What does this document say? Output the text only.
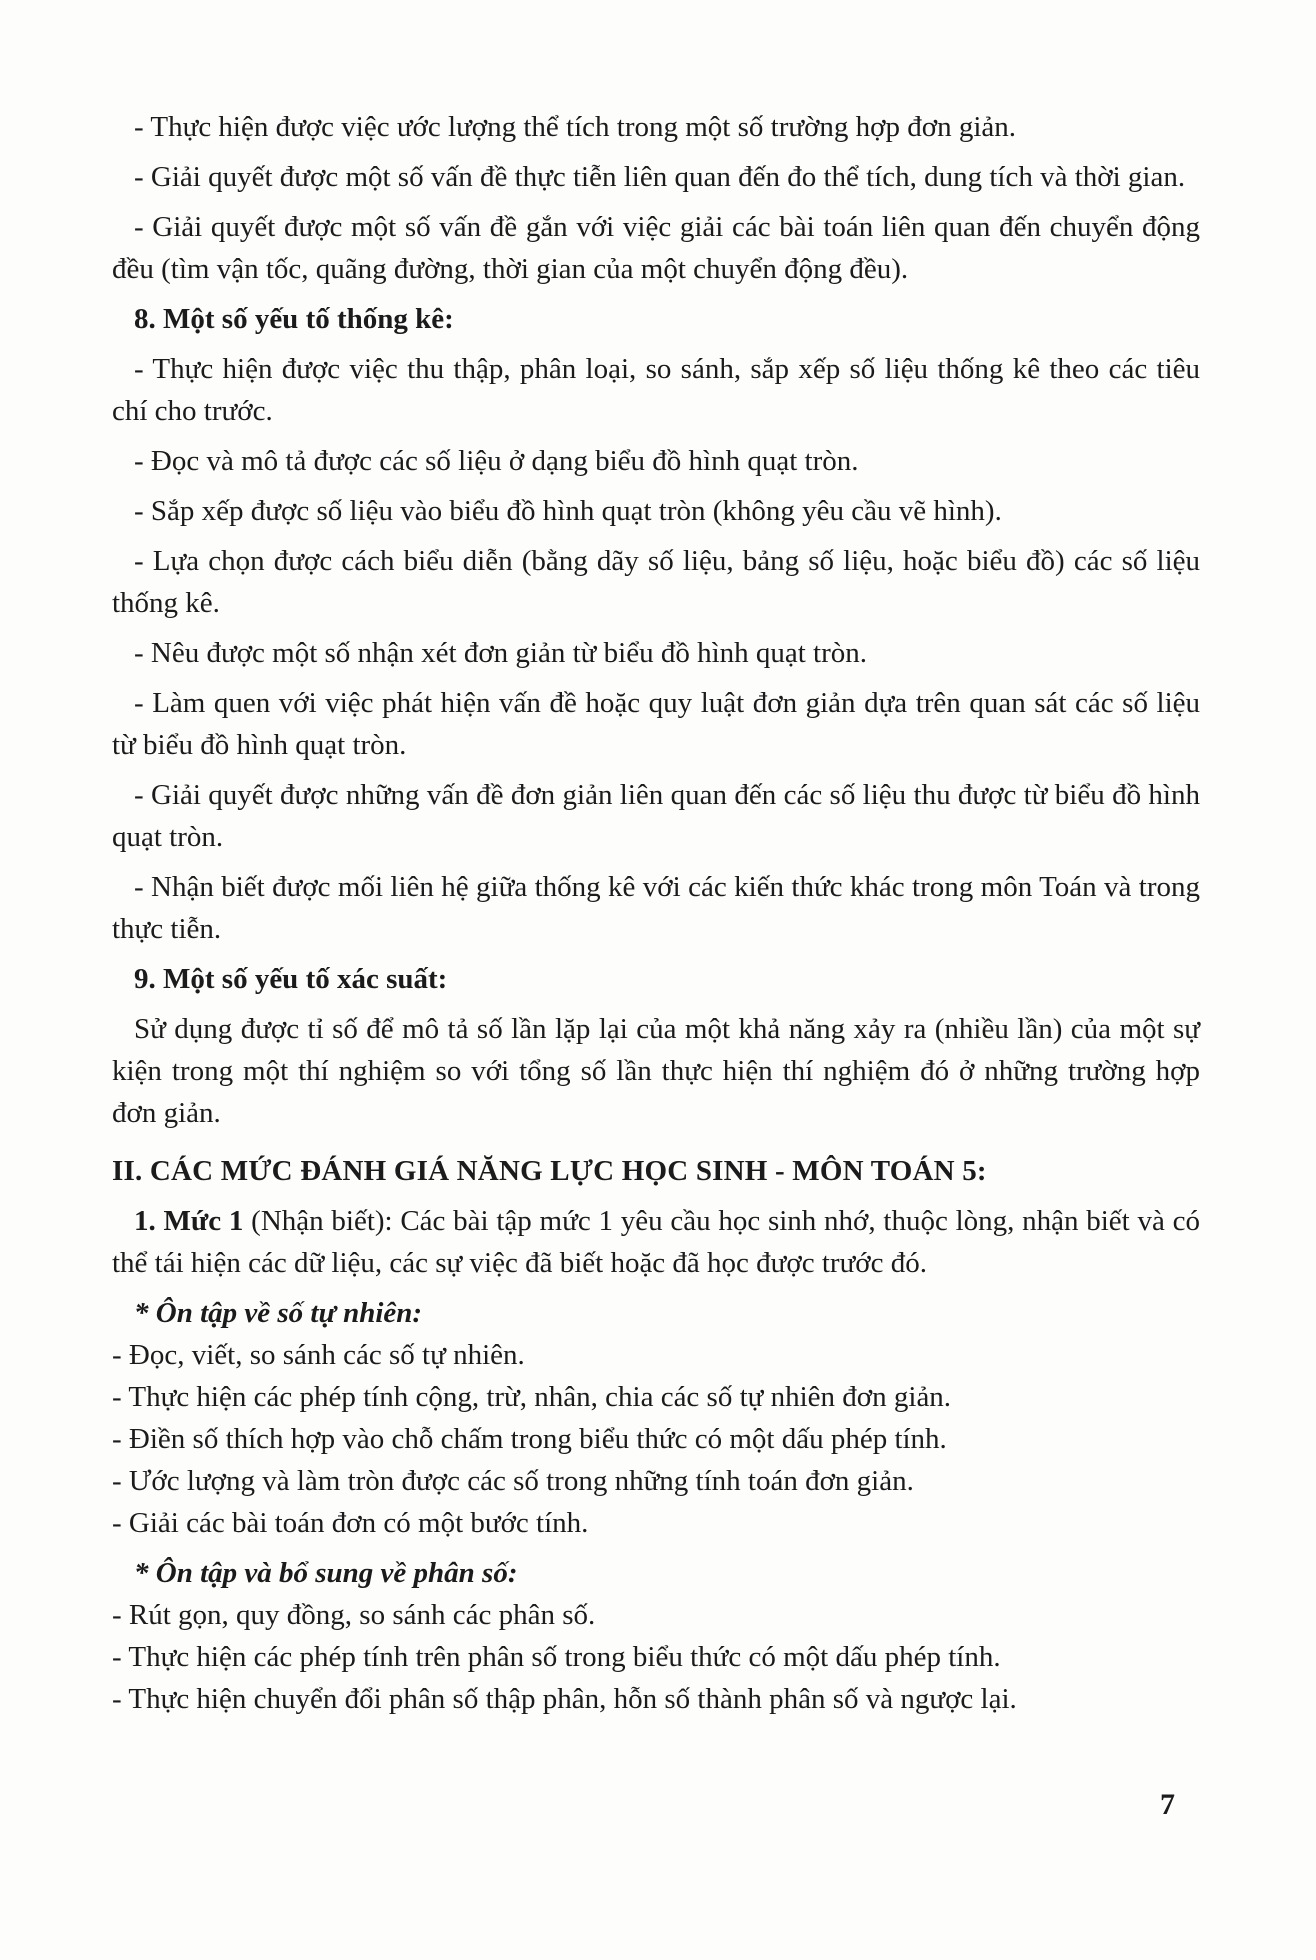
- Thực hiện được việc ước lượng thể tích trong một số trường hợp đơn giản.

- Giải quyết được một số vấn đề thực tiễn liên quan đến đo thể tích, dung tích và thời gian.

- Giải quyết được một số vấn đề gắn với việc giải các bài toán liên quan đến chuyển động đều (tìm vận tốc, quãng đường, thời gian của một chuyển động đều).

8. Một số yếu tố thống kê:

- Thực hiện được việc thu thập, phân loại, so sánh, sắp xếp số liệu thống kê theo các tiêu chí cho trước.

- Đọc và mô tả được các số liệu ở dạng biểu đồ hình quạt tròn.

- Sắp xếp được số liệu vào biểu đồ hình quạt tròn (không yêu cầu vẽ hình).

- Lựa chọn được cách biểu diễn (bằng dãy số liệu, bảng số liệu, hoặc biểu đồ) các số liệu thống kê.

- Nêu được một số nhận xét đơn giản từ biểu đồ hình quạt tròn.

- Làm quen với việc phát hiện vấn đề hoặc quy luật đơn giản dựa trên quan sát các số liệu từ biểu đồ hình quạt tròn.

- Giải quyết được những vấn đề đơn giản liên quan đến các số liệu thu được từ biểu đồ hình quạt tròn.

- Nhận biết được mối liên hệ giữa thống kê với các kiến thức khác trong môn Toán và trong thực tiễn.

9. Một số yếu tố xác suất:

Sử dụng được tỉ số để mô tả số lần lặp lại của một khả năng xảy ra (nhiều lần) của một sự kiện trong một thí nghiệm so với tổng số lần thực hiện thí nghiệm đó ở những trường hợp đơn giản.

II. CÁC MỨC ĐÁNH GIÁ NĂNG LỰC HỌC SINH - MÔN TOÁN 5:

1. Mức 1 (Nhận biết): Các bài tập mức 1 yêu cầu học sinh nhớ, thuộc lòng, nhận biết và có thể tái hiện các dữ liệu, các sự việc đã biết hoặc đã học được trước đó.

* Ôn tập về số tự nhiên:

- Đọc, viết, so sánh các số tự nhiên.

- Thực hiện các phép tính cộng, trừ, nhân, chia các số tự nhiên đơn giản.

- Điền số thích hợp vào chỗ chấm trong biểu thức có một dấu phép tính.

- Ước lượng và làm tròn được các số trong những tính toán đơn giản.

- Giải các bài toán đơn có một bước tính.

* Ôn tập và bổ sung về phân số:

- Rút gọn, quy đồng, so sánh các phân số.

- Thực hiện các phép tính trên phân số trong biểu thức có một dấu phép tính.

- Thực hiện chuyển đổi phân số thập phân, hỗn số thành phân số và ngược lại.

7
